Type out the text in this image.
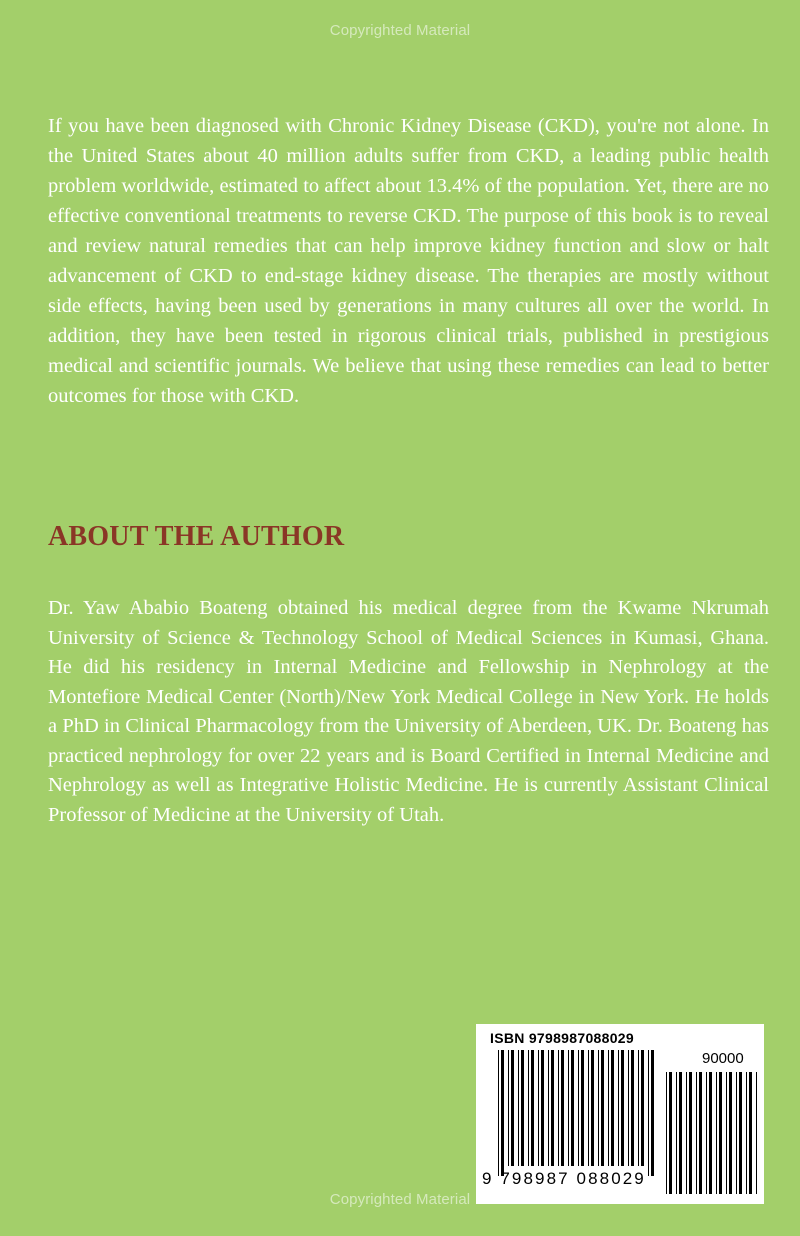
Copyrighted Material

If you have been diagnosed with Chronic Kidney Disease (CKD), you're not alone. In the United States about 40 million adults suffer from CKD, a leading public health problem worldwide, estimated to affect about 13.4% of the population. Yet, there are no effective conventional treatments to reverse CKD. The purpose of this book is to reveal and review natural remedies that can help improve kidney function and slow or halt advancement of CKD to end-stage kidney disease. The therapies are mostly without side effects, having been used by generations in many cultures all over the world. In addition, they have been tested in rigorous clinical trials, published in prestigious medical and scientific journals. We believe that using these remedies can lead to better outcomes for those with CKD.

ABOUT THE AUTHOR

Dr. Yaw Ababio Boateng obtained his medical degree from the Kwame Nkrumah University of Science & Technology School of Medical Sciences in Kumasi, Ghana. He did his residency in Internal Medicine and Fellowship in Nephrology at the Montefiore Medical Center (North)/New York Medical College in New York. He holds a PhD in Clinical Pharmacology from the University of Aberdeen, UK. Dr. Boateng has practiced nephrology for over 22 years and is Board Certified in Internal Medicine and Nephrology as well as Integrative Holistic Medicine. He is currently Assistant Clinical Professor of Medicine at the University of Utah.

ISBN 9798987088029
90000
9 798987 088029
Copyrighted Material
